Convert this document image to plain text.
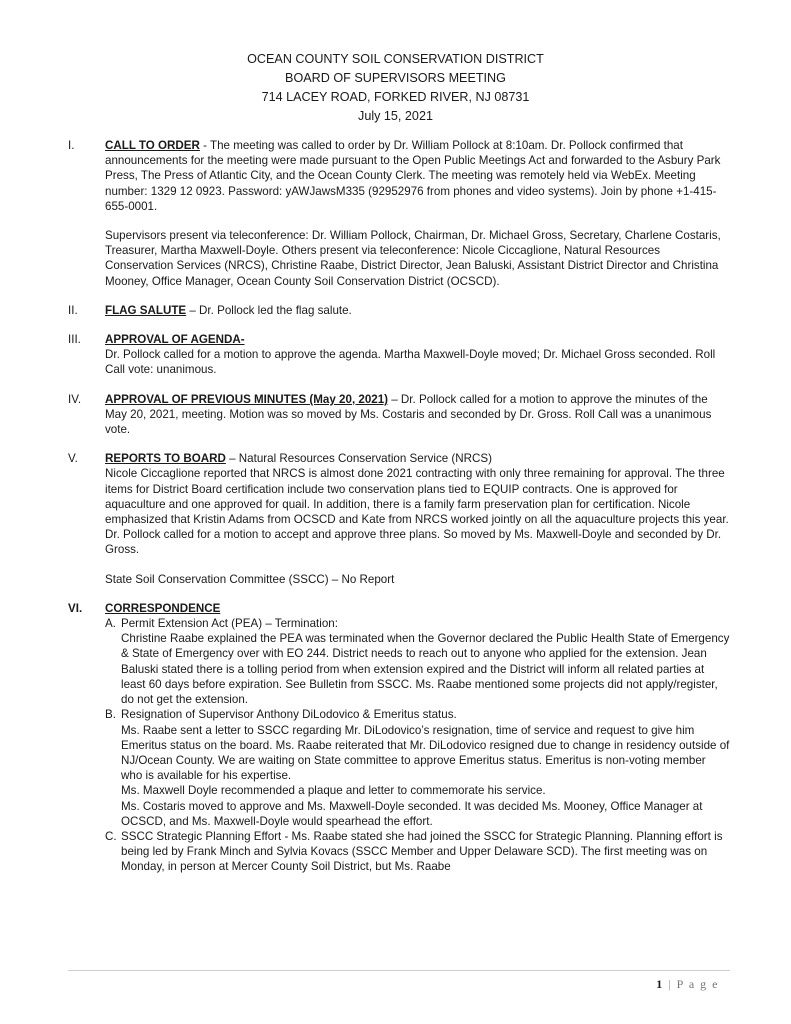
OCEAN COUNTY SOIL CONSERVATION DISTRICT
BOARD OF SUPERVISORS MEETING
714 LACEY ROAD, FORKED RIVER, NJ 08731
July 15, 2021
I.	CALL TO ORDER - The meeting was called to order by Dr. William Pollock at 8:10am. Dr. Pollock confirmed that announcements for the meeting were made pursuant to the Open Public Meetings Act and forwarded to the Asbury Park Press, The Press of Atlantic City, and the Ocean County Clerk. The meeting was remotely held via WebEx. Meeting number: 1329 12 0923. Password: yAWJawsM335 (92952976 from phones and video systems). Join by phone +1-415-655-0001.

Supervisors present via teleconference: Dr. William Pollock, Chairman, Dr. Michael Gross, Secretary, Charlene Costaris, Treasurer, Martha Maxwell-Doyle. Others present via teleconference: Nicole Ciccaglione, Natural Resources Conservation Services (NRCS), Christine Raabe, District Director, Jean Baluski, Assistant District Director and Christina Mooney, Office Manager, Ocean County Soil Conservation District (OCSCD).

II.	FLAG SALUTE – Dr. Pollock led the flag salute.

III.	APPROVAL OF AGENDA-

Dr. Pollock called for a motion to approve the agenda. Martha Maxwell-Doyle moved; Dr. Michael Gross seconded. Roll Call vote: unanimous.

IV.	APPROVAL OF PREVIOUS MINUTES (May 20, 2021) – Dr. Pollock called for a motion to approve the minutes of the May 20, 2021, meeting. Motion was so moved by Ms. Costaris and seconded by Dr. Gross. Roll Call was a unanimous vote.

V.	REPORTS TO BOARD – Natural Resources Conservation Service (NRCS)

Nicole Ciccaglione reported that NRCS is almost done 2021 contracting with only three remaining for approval. The three items for District Board certification include two conservation plans tied to EQUIP contracts. One is approved for aquaculture and one approved for quail. In addition, there is a family farm preservation plan for certification. Nicole emphasized that Kristin Adams from OCSCD and Kate from NRCS worked jointly on all the aquaculture projects this year. Dr. Pollock called for a motion to accept and approve three plans. So moved by Ms. Maxwell-Doyle and seconded by Dr. Gross.

State Soil Conservation Committee (SSCC) – No Report

VI.	CORRESPONDENCE

A. Permit Extension Act (PEA) – Termination:

Christine Raabe explained the PEA was terminated when the Governor declared the Public Health State of Emergency & State of Emergency over with EO 244. District needs to reach out to anyone who applied for the extension. Jean Baluski stated there is a tolling period from when extension expired and the District will inform all related parties at least 60 days before expiration. See Bulletin from SSCC. Ms. Raabe mentioned some projects did not apply/register, do not get the extension.

B. Resignation of Supervisor Anthony DiLodovico & Emeritus status.

Ms. Raabe sent a letter to SSCC regarding Mr. DiLodovico’s resignation, time of service and request to give him Emeritus status on the board. Ms. Raabe reiterated that Mr. DiLodovico resigned due to change in residency outside of NJ/Ocean County. We are waiting on State committee to approve Emeritus status. Emeritus is non-voting member who is available for his expertise.

Ms. Maxwell Doyle recommended a plaque and letter to commemorate his service.

Ms. Costaris moved to approve and Ms. Maxwell-Doyle seconded. It was decided Ms. Mooney, Office Manager at OCSCD, and Ms. Maxwell-Doyle would spearhead the effort.

C. SSCC Strategic Planning Effort - Ms. Raabe stated she had joined the SSCC for Strategic Planning. Planning effort is being led by Frank Minch and Sylvia Kovacs (SSCC Member and Upper Delaware SCD). The first meeting was on Monday, in person at Mercer County Soil District, but Ms. Raabe

1 | P a g e
